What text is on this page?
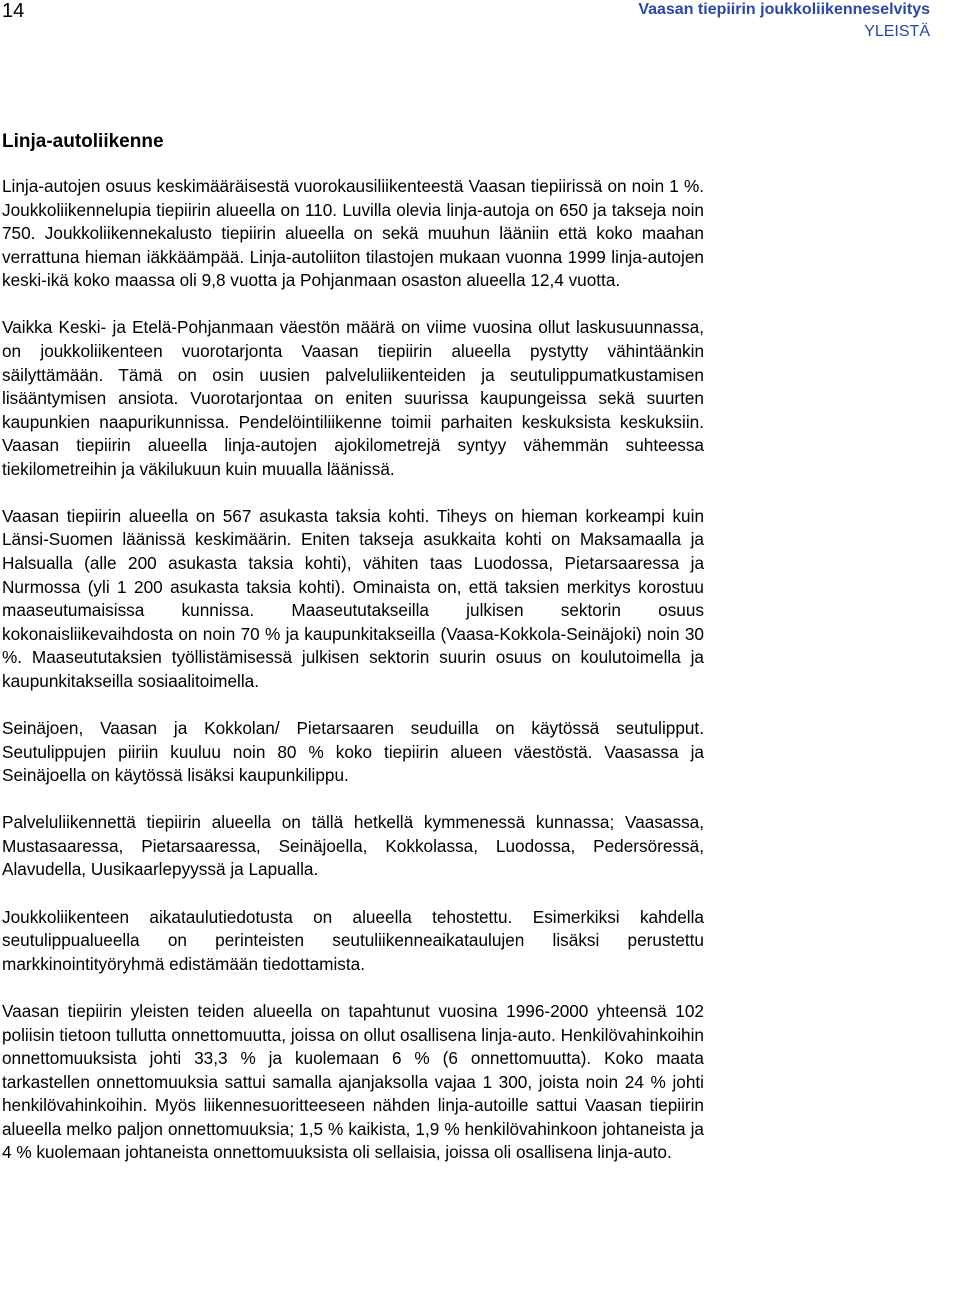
14	Vaasan tiepiirin joukkoliikenneselvitys
YLEISTÄ
Linja-autoliikenne

Linja-autojen osuus keskimääräisestä vuorokausiliikenteestä Vaasan tiepiirissä on noin 1 %. Joukkoliikennelupia tiepiirin alueella on 110. Luvilla olevia linja-autoja on 650 ja takseja noin 750. Joukkoliikennekalusto tiepiirin alueella on sekä muuhun lääniin että koko maahan verrattuna hieman iäkkäämpää. Linja-autoliiton tilastojen mukaan vuonna 1999 linja-autojen keski-ikä koko maassa oli 9,8 vuotta ja Pohjanmaan osaston alueella 12,4 vuotta.

Vaikka Keski- ja Etelä-Pohjanmaan väestön määrä on viime vuosina ollut laskusuunnassa, on joukkoliikenteen vuorotarjonta Vaasan tiepiirin alueella pystytty vähintäänkin säilyttämään. Tämä on osin uusien palveluliikenteiden ja seutulippumatkustamisen lisääntymisen ansiota. Vuorotarjontaa on eniten suurissa kaupungeissa sekä suurten kaupunkien naapurikunnissa. Pendelöintiliikenne toimii parhaiten keskuksista keskuksiin. Vaasan tiepiirin alueella linja-autojen ajokilometrejä syntyy vähemmän suhteessa tiekilometreihin ja väkilukuun kuin muualla läänissä.

Vaasan tiepiirin alueella on 567 asukasta taksia kohti. Tiheys on hieman korkeampi kuin Länsi-Suomen läänissä keskimäärin. Eniten takseja asukkaita kohti on Maksamaalla ja Halsualla (alle 200 asukasta taksia kohti), vähiten taas Luodossa, Pietarsaaressa ja Nurmossa (yli 1 200 asukasta taksia kohti). Ominaista on, että taksien merkitys korostuu maaseutumaisissa kunnissa. Maaseututakseilla julkisen sektorin osuus kokonaisliikevaihdosta on noin 70 % ja kaupunkitakseilla (Vaasa-Kokkola-Seinäjoki) noin 30 %. Maaseututaksien työllistämisessä julkisen sektorin suurin osuus on koulutoimella ja kaupunkitakseilla sosiaalitoimella.

Seinäjoen, Vaasan ja Kokkolan/ Pietarsaaren seuduilla on käytössä seutulipput. Seutulippujen piiriin kuuluu noin 80 % koko tiepiirin alueen väestöstä. Vaasassa ja Seinäjoella on käytössä lisäksi kaupunkilippu.

Palveluliikennettä tiepiirin alueella on tällä hetkellä kymmenessä kunnassa; Vaasassa, Mustasaaressa, Pietarsaaressa, Seinäjoella, Kokkolassa, Luodossa, Pedersöressä, Alavudella, Uusikaarlepyyssä ja Lapualla.

Joukkoliikenteen aikataulutiedotusta on alueella tehostettu. Esimerkiksi kahdella seutulippualueella on perinteisten seutuliikenneaikataulujen lisäksi perustettu markkinointityöryhmä edistämään tiedottamista.

Vaasan tiepiirin yleisten teiden alueella on tapahtunut vuosina 1996-2000 yhteensä 102 poliisin tietoon tullutta onnettomuutta, joissa on ollut osallisena linja-auto. Henkilövahinkoihin onnettomuuksista johti 33,3 % ja kuolemaan 6 % (6 onnettomuutta). Koko maata tarkastellen onnettomuuksia sattui samalla ajanjaksolla vajaa 1 300, joista noin 24 % johti henkilövahinkoihin. Myös liikennesuoritteeseen nähden linja-autoille sattui Vaasan tiepiirin alueella melko paljon onnettomuuksia; 1,5 % kaikista, 1,9 % henkilövahinkoon johtaneista ja 4 % kuolemaan johtaneista onnettomuuksista oli sellaisia, joissa oli osallisena linja-auto.
